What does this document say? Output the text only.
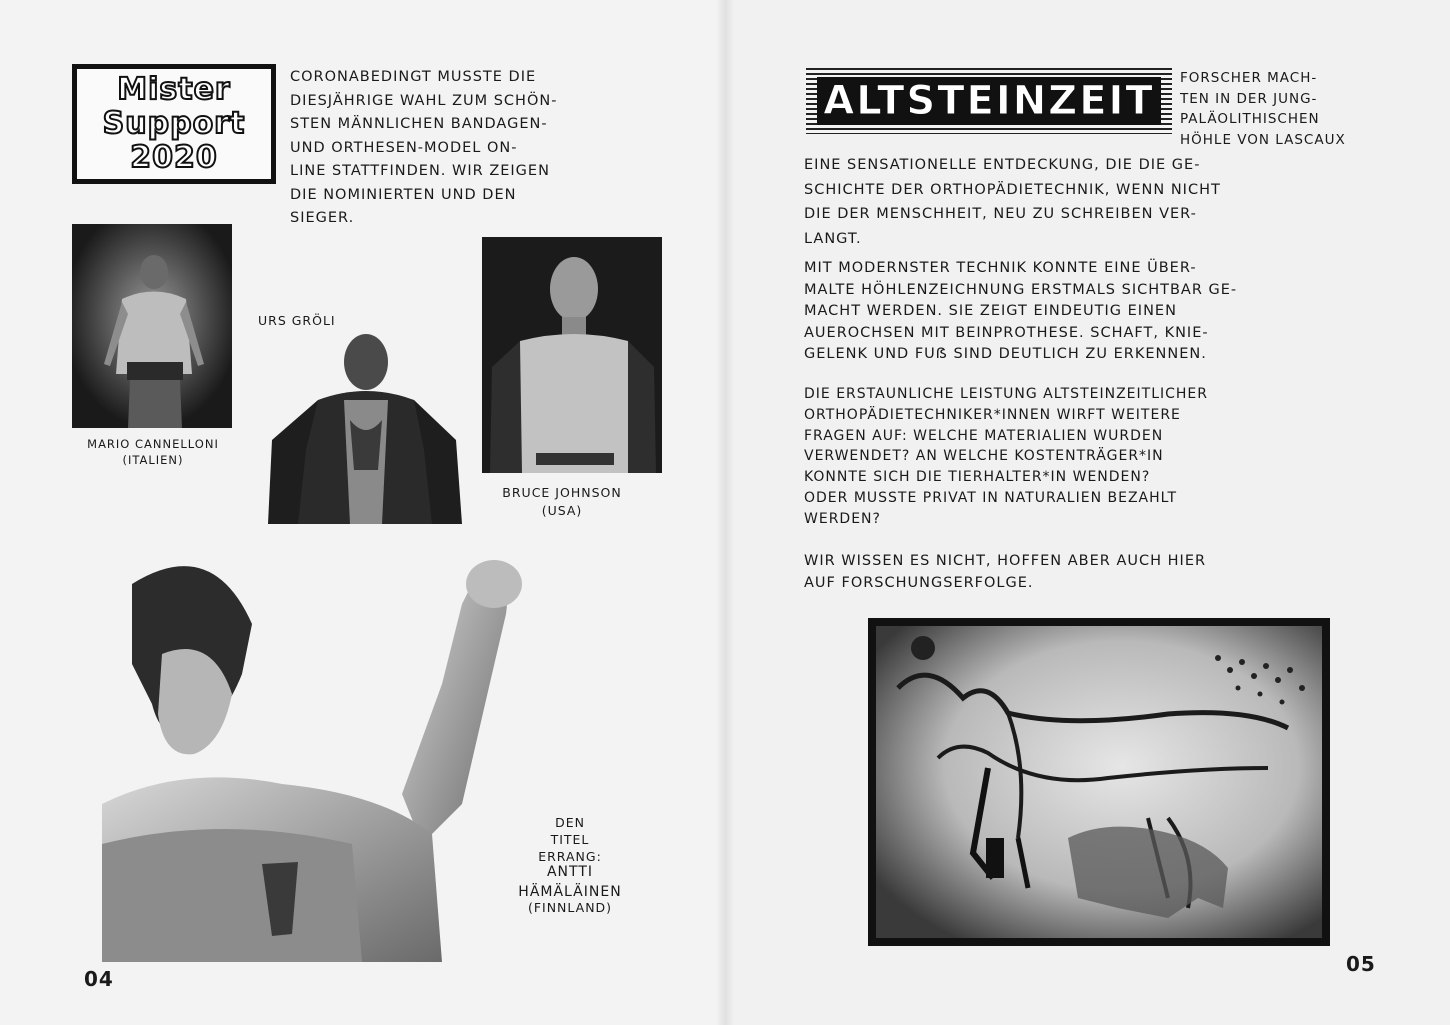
Mister
Support
2020
CORONABEDINGT MUSSTE DIE
DIESJÄHRIGE WAHL ZUM SCHÖN-
STEN MÄNNLICHEN BANDAGEN-
UND ORTHESEN-MODEL ON-
LINE STATTFINDEN. WIR ZEIGEN
DIE NOMINIERTEN UND DEN
SIEGER.
MARIO CANNELLONI
(ITALIEN)

URS GRÖLI

BRUCE JOHNSON
(USA)
DEN
TITEL
ERRANG:
ANTTI
HÄMÄLÄINEN
(FINNLAND)
04
ALTSTEINZEIT	FORSCHER MACH-
TEN IN DER JUNG-
PALÄOLITHISCHEN
HÖHLE VON LASCAUX
EINE SENSATIONELLE ENTDECKUNG, DIE DIE GE-
SCHICHTE DER ORTHOPÄDIETECHNIK, WENN NICHT
DIE DER MENSCHHEIT, NEU ZU SCHREIBEN VER-
LANGT.
MIT MODERNSTER TECHNIK KONNTE EINE ÜBER-
MALTE HÖHLENZEICHNUNG ERSTMALS SICHTBAR GE-
MACHT WERDEN. SIE ZEIGT EINDEUTIG EINEN
AUEROCHSEN MIT BEINPROTHESE. SCHAFT, KNIE-
GELENK UND FUẞ SIND DEUTLICH ZU ERKENNEN.
DIE ERSTAUNLICHE LEISTUNG ALTSTEINZEITLICHER
ORTHOPÄDIETECHNIKER*INNEN WIRFT WEITERE
FRAGEN AUF: WELCHE MATERIALIEN WURDEN
VERWENDET? AN WELCHE KOSTENTRÄGER*IN
KONNTE SICH DIE TIERHALTER*IN WENDEN?
ODER MUSSTE PRIVAT IN NATURALIEN BEZAHLT
WERDEN?
WIR WISSEN ES NICHT, HOFFEN ABER AUCH HIER
AUF FORSCHUNGSERFOLGE.
05
